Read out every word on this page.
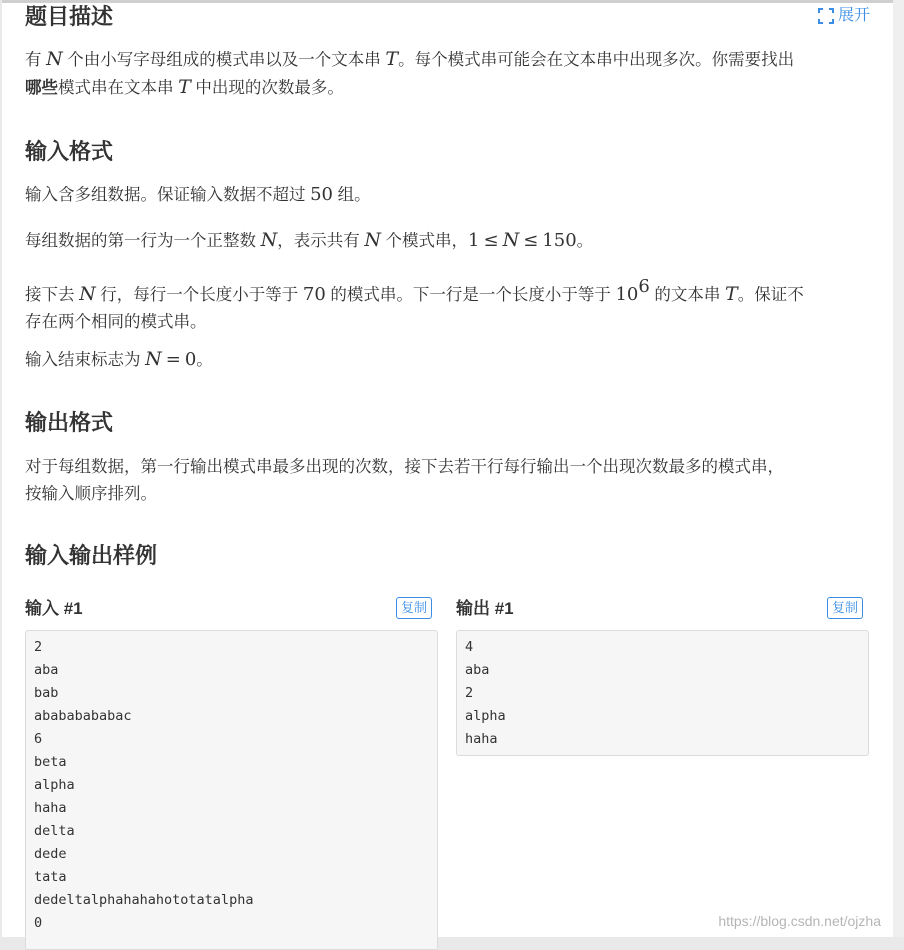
题目描述	展开

有 N 个由小写字母组成的模式串以及一个文本串 T。每个模式串可能会在文本串中出现多次。你需要找出
哪些模式串在文本串 T 中出现的次数最多。

输入格式

输入含多组数据。保证输入数据不超过 50 组。

每组数据的第一行为一个正整数 N，表示共有 N 个模式串，1 ≤ N ≤ 150。

接下去 N 行，每行一个长度小于等于 70 的模式串。下一行是一个长度小于等于 $10^6$ 的文本串 T。保证不
存在两个相同的模式串。

输入结束标志为 N = 0。

输出格式

对于每组数据，第一行输出模式串最多出现的次数，接下去若干行每行输出一个出现次数最多的模式串，
按输入顺序排列。

输入输出样例
输入 #1	复制 输出 #1	复制
2
aba
bab
abababababac
6
beta
alpha
haha
delta
dede
tata
dedeltalphahahahototatalpha
0
4
aba
2
alpha
haha
https://blog.csdn.net/ojzha
